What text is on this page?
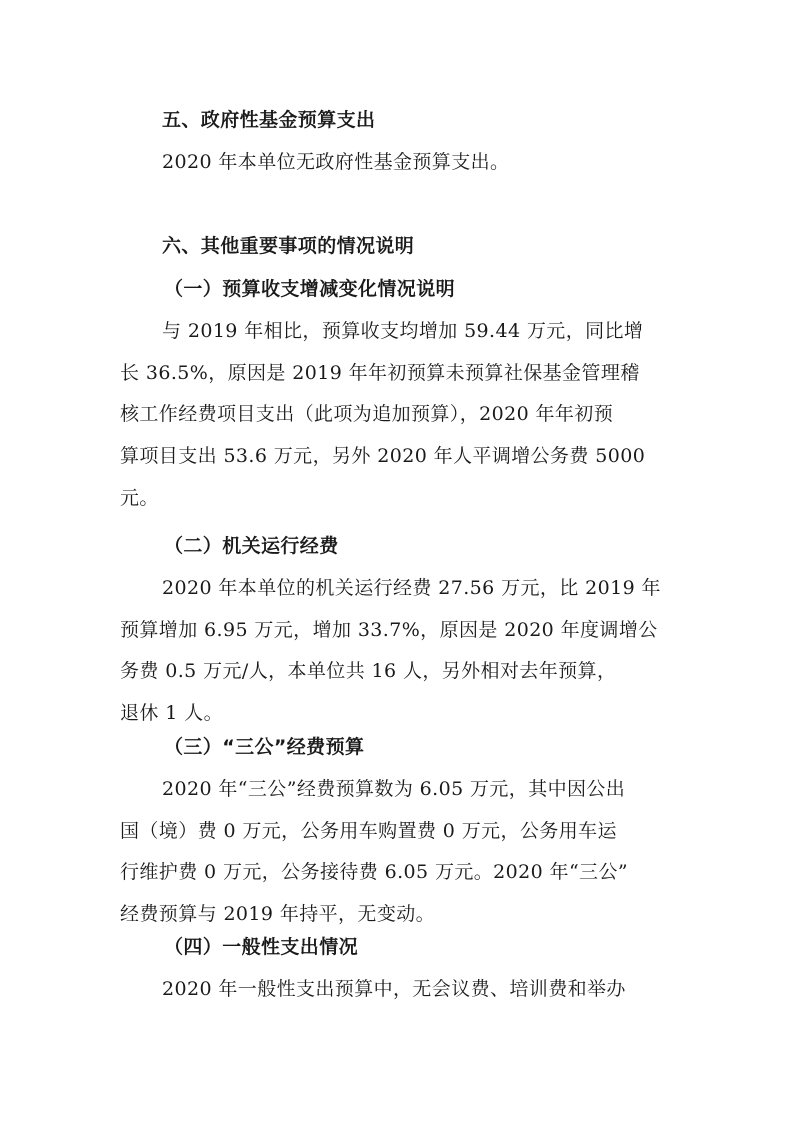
五、政府性基金预算支出
2020 年本单位无政府性基金预算支出。
六、其他重要事项的情况说明
（一）预算收支增减变化情况说明
与 2019 年相比，预算收支均增加 59.44 万元，同比增
长 36.5%，原因是 2019 年年初预算未预算社保基金管理稽
核工作经费项目支出（此项为追加预算），2020 年年初预
算项目支出 53.6 万元，另外 2020 年人平调增公务费 5000
元。
（二）机关运行经费
2020 年本单位的机关运行经费 27.56 万元，比 2019 年
预算增加 6.95 万元，增加 33.7%，原因是 2020 年度调增公
务费 0.5 万元/人，本单位共 16 人，另外相对去年预算，
退休 1 人。
（三）“三公”经费预算
2020 年“三公”经费预算数为 6.05 万元，其中因公出
国（境）费 0 万元，公务用车购置费 0 万元，公务用车运
行维护费 0 万元，公务接待费 6.05 万元。2020 年“三公”
经费预算与 2019 年持平，无变动。
（四）一般性支出情况
2020 年一般性支出预算中，无会议费、培训费和举办
